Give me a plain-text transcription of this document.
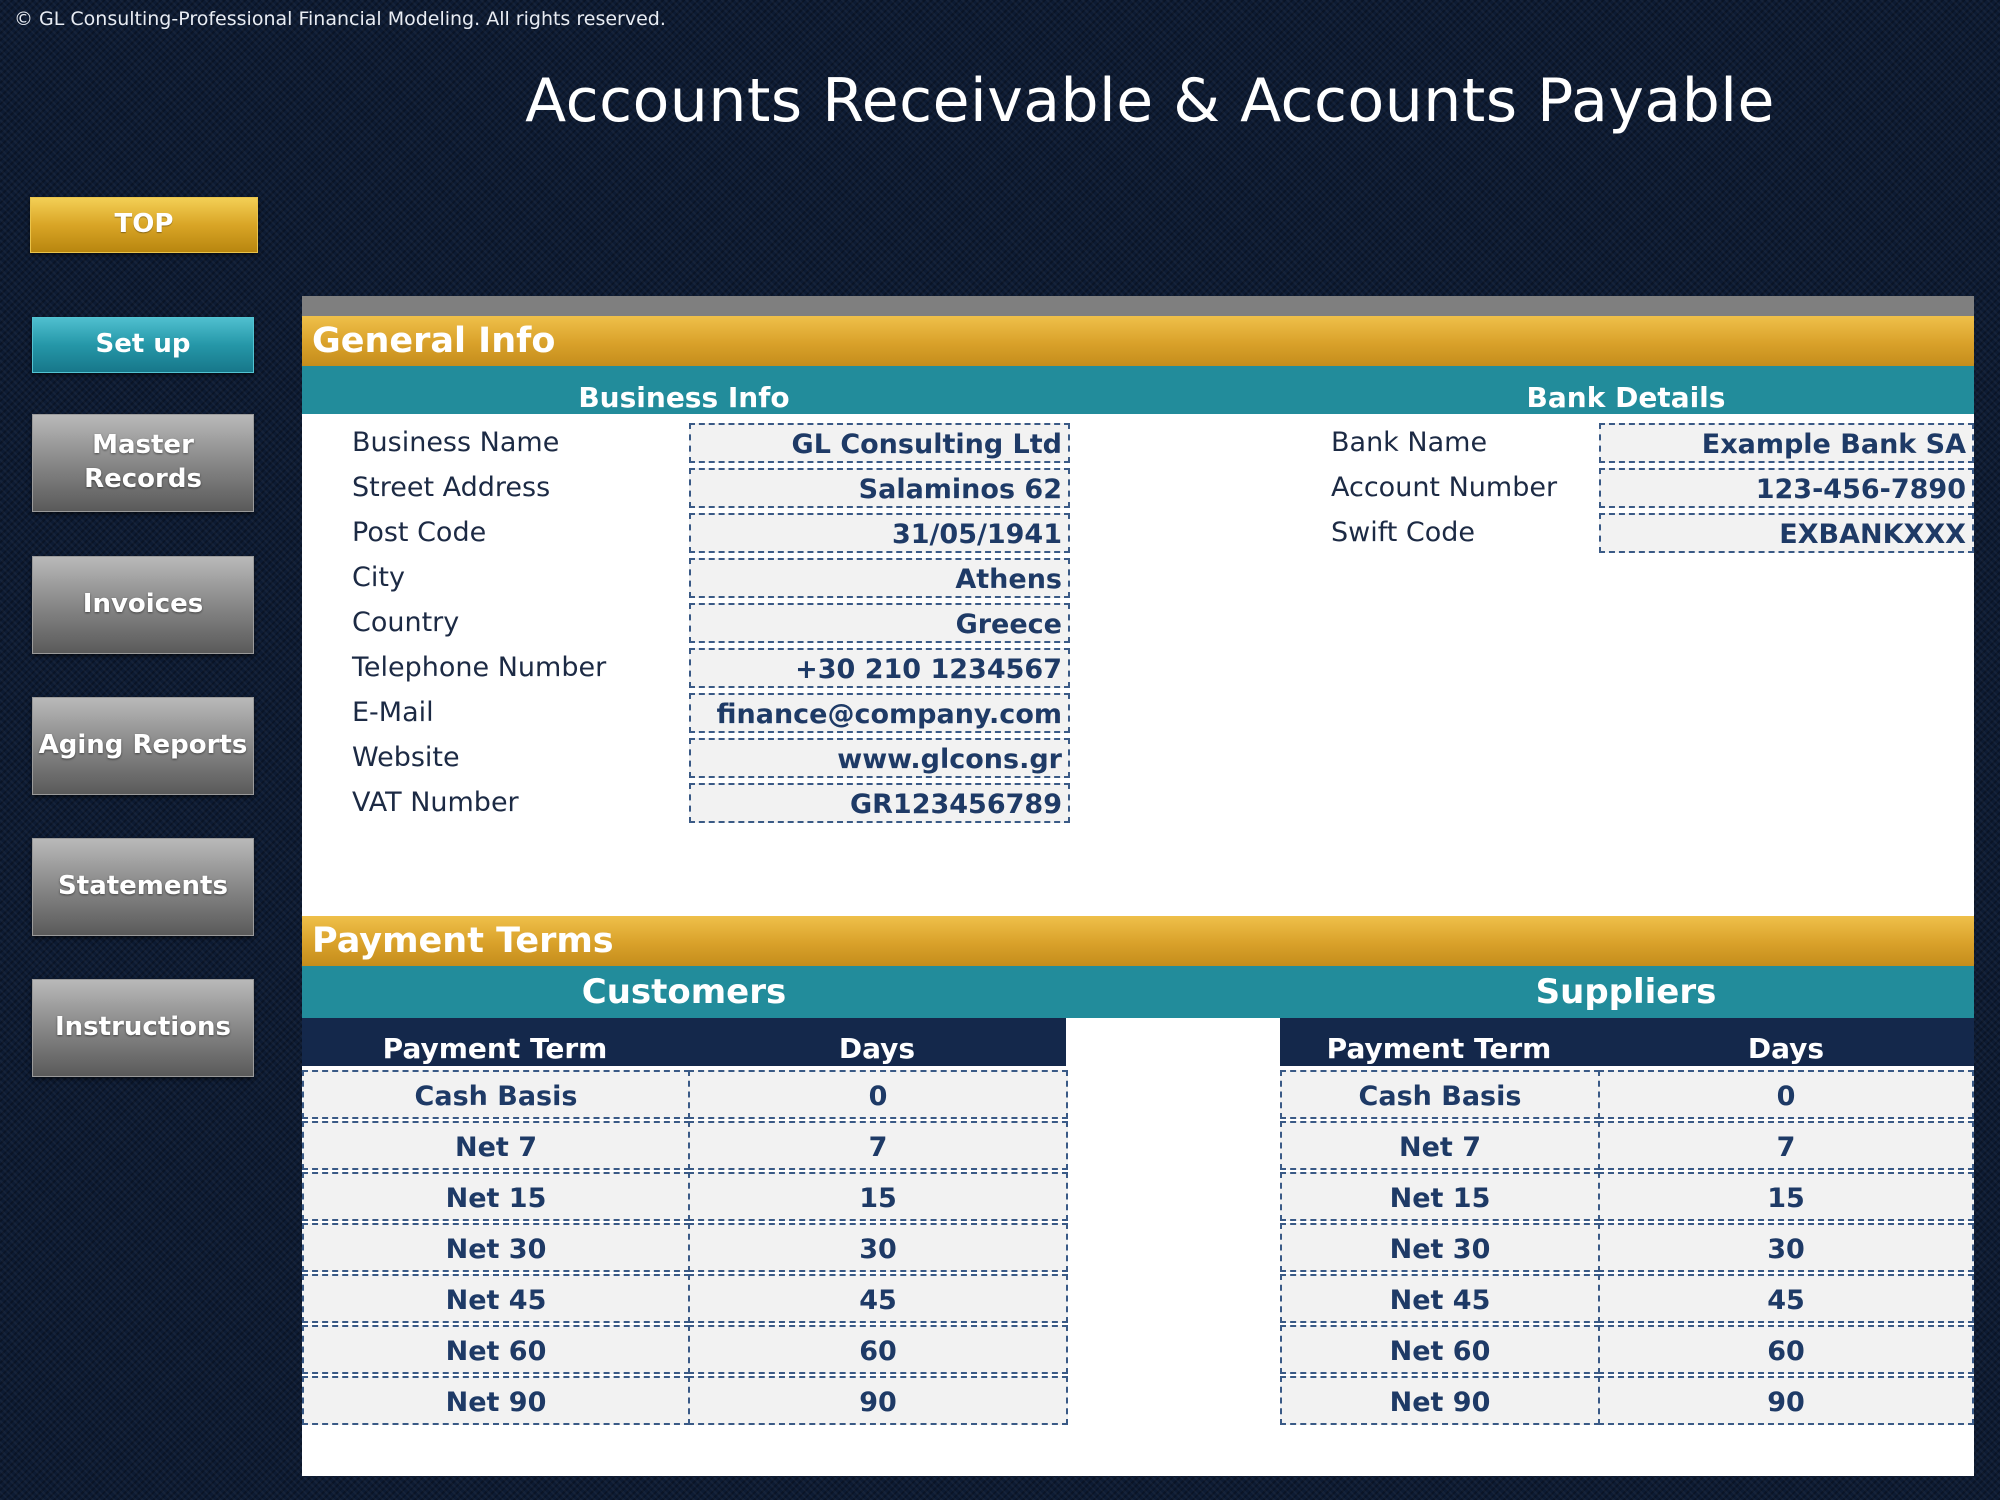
© GL Consulting-Professional Financial Modeling. All rights reserved.
Accounts Receivable & Accounts Payable
TOP
Set up
Master Records
Invoices
Aging Reports
Statements
Instructions
General Info
Business Info	Bank Details
Business Name	GL Consulting Ltd
Street Address	Salaminos 62
Post Code	31/05/1941
City	Athens
Country	Greece
Telephone Number	+30 210 1234567
E-Mail	finance@company.com
Website	www.glcons.gr
VAT Number	GR123456789
Bank Name	Example Bank SA
Account Number	123-456-7890
Swift Code	EXBANKXXX
Payment Terms
Customers	Suppliers
Payment Term	Days	Payment Term	Days
Cash Basis	0
Net 7	7
Net 15	15
Net 30	30
Net 45	45
Net 60	60
Net 90	90
Cash Basis	0
Net 7	7
Net 15	15
Net 30	30
Net 45	45
Net 60	60
Net 90	90
